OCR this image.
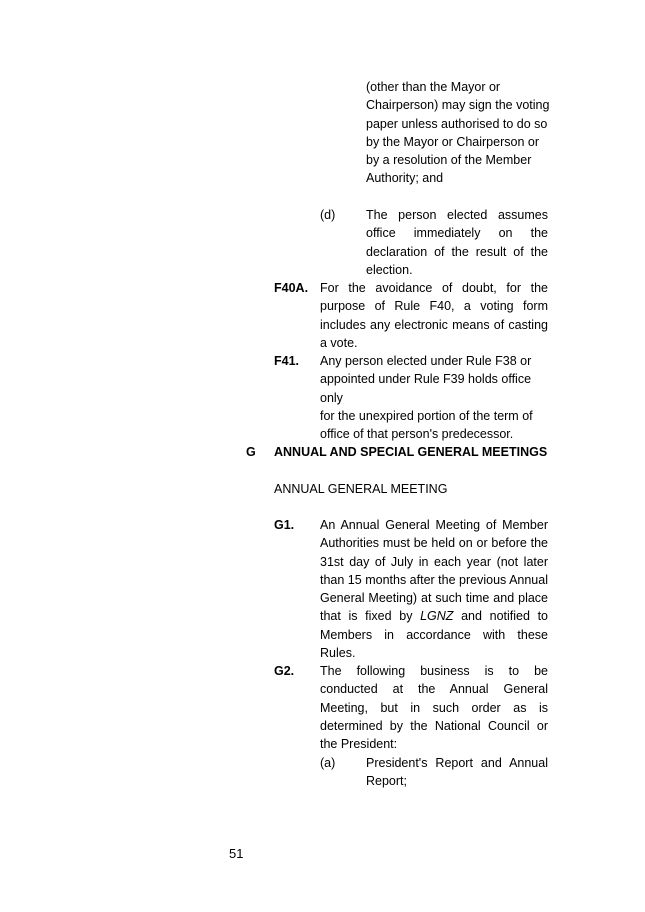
(other than the Mayor or
Chairperson) may sign the voting
paper unless authorised to do so
by the Mayor or Chairperson or
by a resolution of the Member
Authority; and
(d) The person elected assumes office immediately on the declaration of the result of the election.
F40A. For the avoidance of doubt, for the purpose of Rule F40, a voting form includes any electronic means of casting a vote.
F41. Any person elected under Rule F38 or
appointed under Rule F39 holds office only
for the unexpired portion of the term of
office of that person's predecessor.
G ANNUAL AND SPECIAL GENERAL MEETINGS
ANNUAL GENERAL MEETING
G1. An Annual General Meeting of Member Authorities must be held on or before the 31st day of July in each year (not later than 15 months after the previous Annual General Meeting) at such time and place that is fixed by LGNZ and notified to Members in accordance with these Rules.
G2. The following business is to be conducted at the Annual General Meeting, but in such order as is determined by the National Council or the President:
(a) President's Report and Annual Report;
51
